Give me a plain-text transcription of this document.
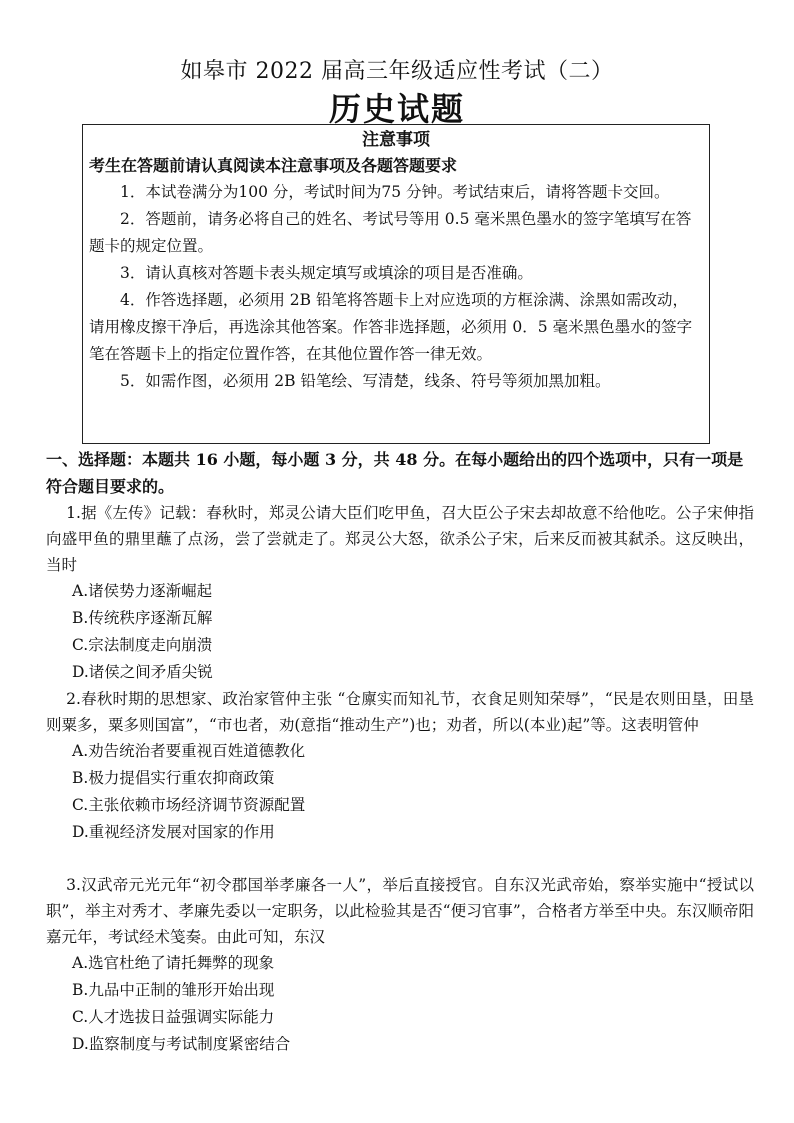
如皋市 2022 届高三年级适应性考试（二）
历史试题
注意事项
考生在答题前请认真阅读本注意事项及各题答题要求

1．本试卷满分为100 分，考试时间为75 分钟。考试结束后，请将答题卡交回。

2．答题前，请务必将自己的姓名、考试号等用 0.5 毫米黑色墨水的签字笔填写在答题卡的规定位置。

3．请认真核对答题卡表头规定填写或填涂的项目是否准确。

4．作答选择题，必须用 2B 铅笔将答题卡上对应选项的方框涂满、涂黑如需改动，请用橡皮擦干净后，再选涂其他答案。作答非选择题，必须用 0．5 毫米黑色墨水的签字笔在答题卡上的指定位置作答，在其他位置作答一律无效。

5．如需作图，必须用 2B 铅笔绘、写清楚，线条、符号等须加黑加粗。

一、选择题：本题共 16 小题，每小题 3 分，共 48 分。在每小题给出的四个选项中，只有一项是符合题目要求的。

1.据《左传》记载：春秋时，郑灵公请大臣们吃甲鱼，召大臣公子宋去却故意不给他吃。公子宋伸指向盛甲鱼的鼎里蘸了点汤，尝了尝就走了。郑灵公大怒，欲杀公子宋，后来反而被其弑杀。这反映出，当时

A.诸侯势力逐渐崛起

B.传统秩序逐渐瓦解

C.宗法制度走向崩溃

D.诸侯之间矛盾尖锐

2.春秋时期的思想家、政治家管仲主张 “仓廪实而知礼节，衣食足则知荣辱”，“民是农则田垦，田垦则粟多，粟多则国富”，“市也者，劝(意指“推动生产”)也；劝者，所以(本业)起”等。这表明管仲

A.劝告统治者要重视百姓道德教化

B.极力提倡实行重农抑商政策

C.主张依赖市场经济调节资源配置

D.重视经济发展对国家的作用

3.汉武帝元光元年“初令郡国举孝廉各一人”，举后直接授官。自东汉光武帝始，察举实施中“授试以职”，举主对秀才、孝廉先委以一定职务，以此检验其是否“便习官事”，合格者方举至中央。东汉顺帝阳嘉元年，考试经术笺奏。由此可知，东汉

A.选官杜绝了请托舞弊的现象

B.九品中正制的雏形开始出现

C.人才选拔日益强调实际能力

D.监察制度与考试制度紧密结合
